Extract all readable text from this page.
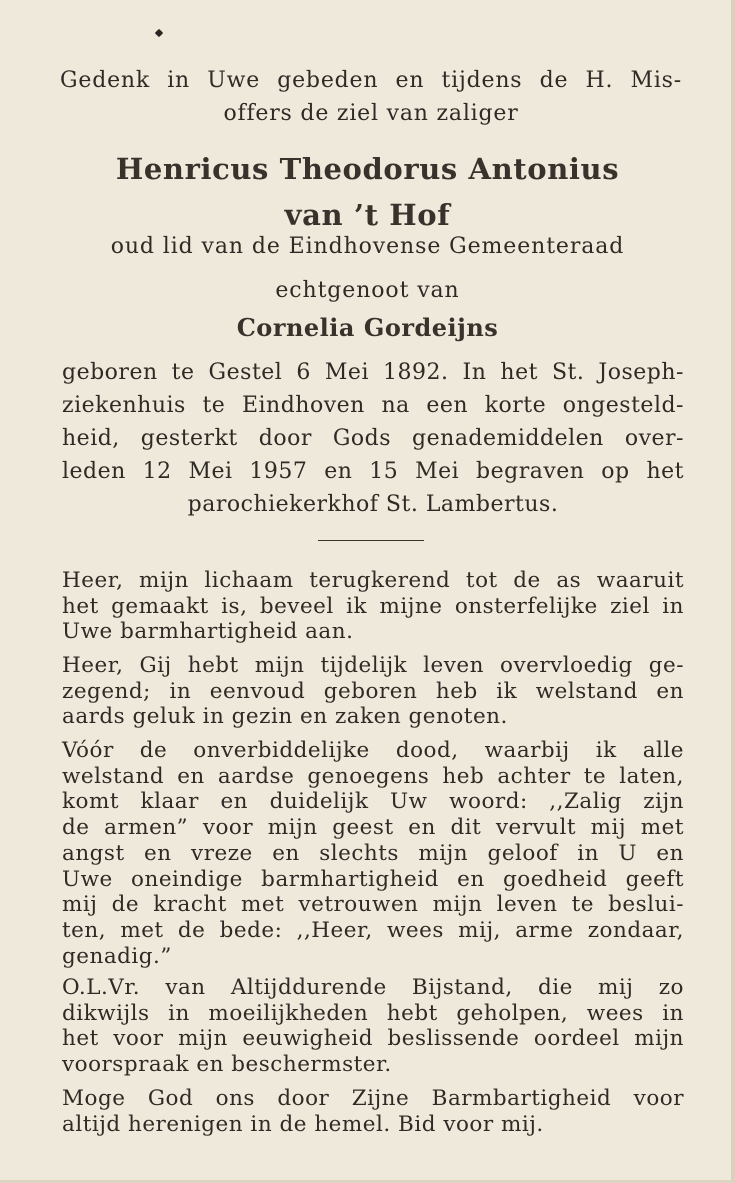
Gedenk in Uwe gebeden en tijdens de H. Mis-
offers de ziel van zaliger
Henricus Theodorus Antonius
van ’t Hof
oud lid van de Eindhovense Gemeenteraad
echtgenoot van
Cornelia Gordeijns
geboren te Gestel 6 Mei 1892. In het St. Joseph-
ziekenhuis te Eindhoven na een korte ongesteld-
heid, gesterkt door Gods genademiddelen over-
leden 12 Mei 1957 en 15 Mei begraven op het
parochiekerkhof St. Lambertus.
Heer, mijn lichaam terugkerend tot de as waaruit
het gemaakt is, beveel ik mijne onsterfelijke ziel in
Uwe barmhartigheid aan.
Heer, Gij hebt mijn tijdelijk leven overvloedig ge-
zegend; in eenvoud geboren heb ik welstand en
aards geluk in gezin en zaken genoten.
Vóór de onverbiddelijke dood, waarbij ik alle
welstand en aardse genoegens heb achter te laten,
komt klaar en duidelijk Uw woord: ,,Zalig zijn
de armen” voor mijn geest en dit vervult mij met
angst en vreze en slechts mijn geloof in U en
Uwe oneindige barmhartigheid en goedheid geeft
mij de kracht met vetrouwen mijn leven te beslui-
ten, met de bede: ,,Heer, wees mij, arme zondaar,
genadig.”
O.L.Vr. van Altijddurende Bijstand, die mij zo
dikwijls in moeilijkheden hebt geholpen, wees in
het voor mijn eeuwigheid beslissende oordeel mijn
voorspraak en beschermster.
Moge God ons door Zijne Barmbartigheid voor
altijd herenigen in de hemel. Bid voor mij.
